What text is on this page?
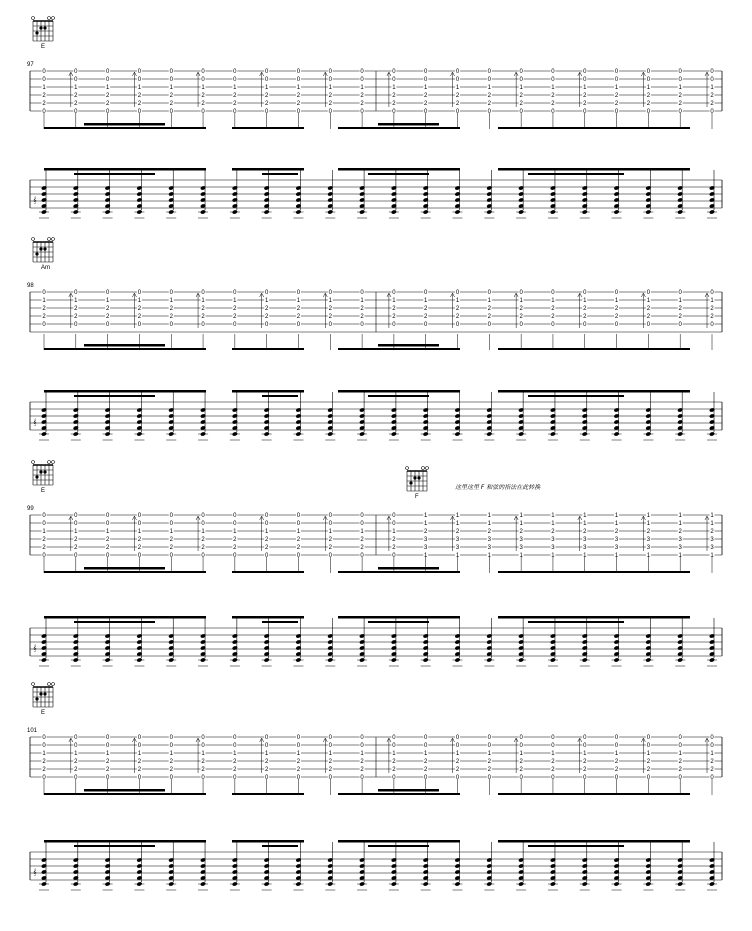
E
97
0
0
1
2
2
0
0
0
1
2
2
0
0
0
1
2
2
0
0
0
1
2
2
0
0
0
1
2
2
0
0
0
1
2
2
0
0
0
1
2
2
0
0
0
1
2
2
0
0
0
1
2
2
0
0
0
1
2
2
0
0
0
1
2
2
0
0
0
1
2
2
0
0
0
1
2
2
0
0
0
1
2
2
0
0
0
1
2
2
0
0
0
1
2
2
0
0
0
1
2
2
0
0
0
1
2
2
0
0
0
1
2
2
0
0
0
1
2
2
0
0
0
1
2
2
0
0
0
1
2
2
0
𝄞
Am
98
0
1
2
2
0
0
1
2
2
0
0
1
2
2
0
0
1
2
2
0
0
1
2
2
0
0
1
2
2
0
0
1
2
2
0
0
1
2
2
0
0
1
2
2
0
0
1
2
2
0
0
1
2
2
0
0
1
2
2
0
0
1
2
2
0
0
1
2
2
0
0
1
2
2
0
0
1
2
2
0
0
1
2
2
0
0
1
2
2
0
0
1
2
2
0
0
1
2
2
0
0
1
2
2
0
0
1
2
2
0
𝄞
E
99
0
0
1
2
2
0
0
0
1
2
2
0
0
0
1
2
2
0
0
0
1
2
2
0
0
0
1
2
2
0
0
0
1
2
2
0
0
0
1
2
2
0
0
0
1
2
2
0
0
0
1
2
2
0
0
0
1
2
2
0
0
0
1
2
2
0
0
0
1
2
2
0
1
1
2
3
3
1
1
1
2
3
3
1
1
1
2
3
3
1
1
1
2
3
3
1
1
1
2
3
3
1
1
1
2
3
3
1
1
1
2
3
3
1
1
1
2
3
3
1
1
1
2
3
3
1
1
1
2
3
3
1
𝄞
E
101
0
0
1
2
2
0
0
0
1
2
2
0
0
0
1
2
2
0
0
0
1
2
2
0
0
0
1
2
2
0
0
0
1
2
2
0
0
0
1
2
2
0
0
0
1
2
2
0
0
0
1
2
2
0
0
0
1
2
2
0
0
0
1
2
2
0
0
0
1
2
2
0
0
0
1
2
2
0
0
0
1
2
2
0
0
0
1
2
2
0
0
0
1
2
2
0
0
0
1
2
2
0
0
0
1
2
2
0
0
0
1
2
2
0
0
0
1
2
2
0
0
0
1
2
2
0
0
0
1
2
2
0
𝄞
F
这里这里 F 和弦的指法在此转换
